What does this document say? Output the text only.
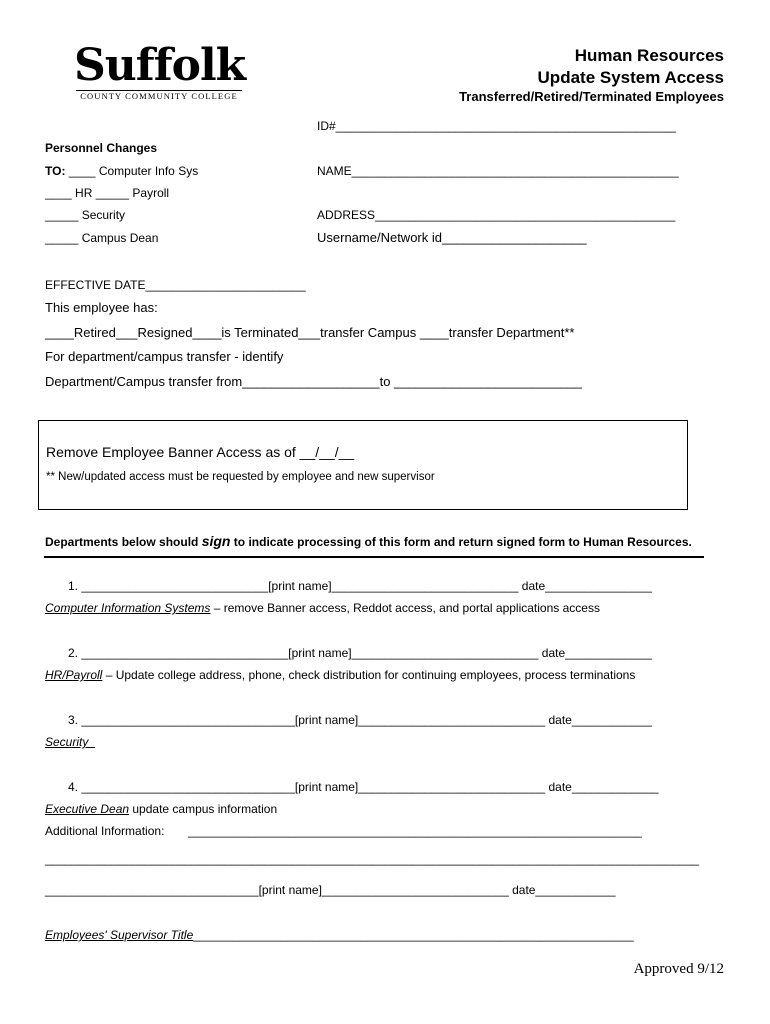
Suffolk
COUNTY COMMUNITY COLLEGE
Human Resources
Update System Access
Transferred/Retired/Terminated Employees
Personnel Changes
TO: ____ Computer Info Sys
____ HR _____ Payroll
_____ Security
_____ Campus Dean
ID#___________________________________________________
NAME_________________________________________________
ADDRESS_____________________________________________
Username/Network id____________________
EFFECTIVE DATE________________________
This employee has:
____Retired___Resigned____is Terminated___transfer Campus ____transfer Department**
For department/campus transfer - identify
Department/Campus transfer from___________________to __________________________
Remove Employee Banner Access as of __/__/__
** New/updated access must be requested by employee and new supervisor
Departments below should sign to indicate processing of this form and return signed form to Human Resources.
1. ____________________________[print name]____________________________ date________________
Computer Information Systems – remove Banner access, Reddot access, and portal applications access
2. _______________________________[print name]____________________________ date_____________
HR/Payroll – Update college address, phone, check distribution for continuing employees, process terminations
3. ________________________________[print name]____________________________ date____________
Security
4. ________________________________[print name]____________________________ date_____________
Executive Dean update campus information
Additional Information: ____________________________________________________________________
__________________________________________________________________________________________________
________________________________[print name]____________________________ date____________
Employees' Supervisor Title__________________________________________________________________
Approved 9/12
